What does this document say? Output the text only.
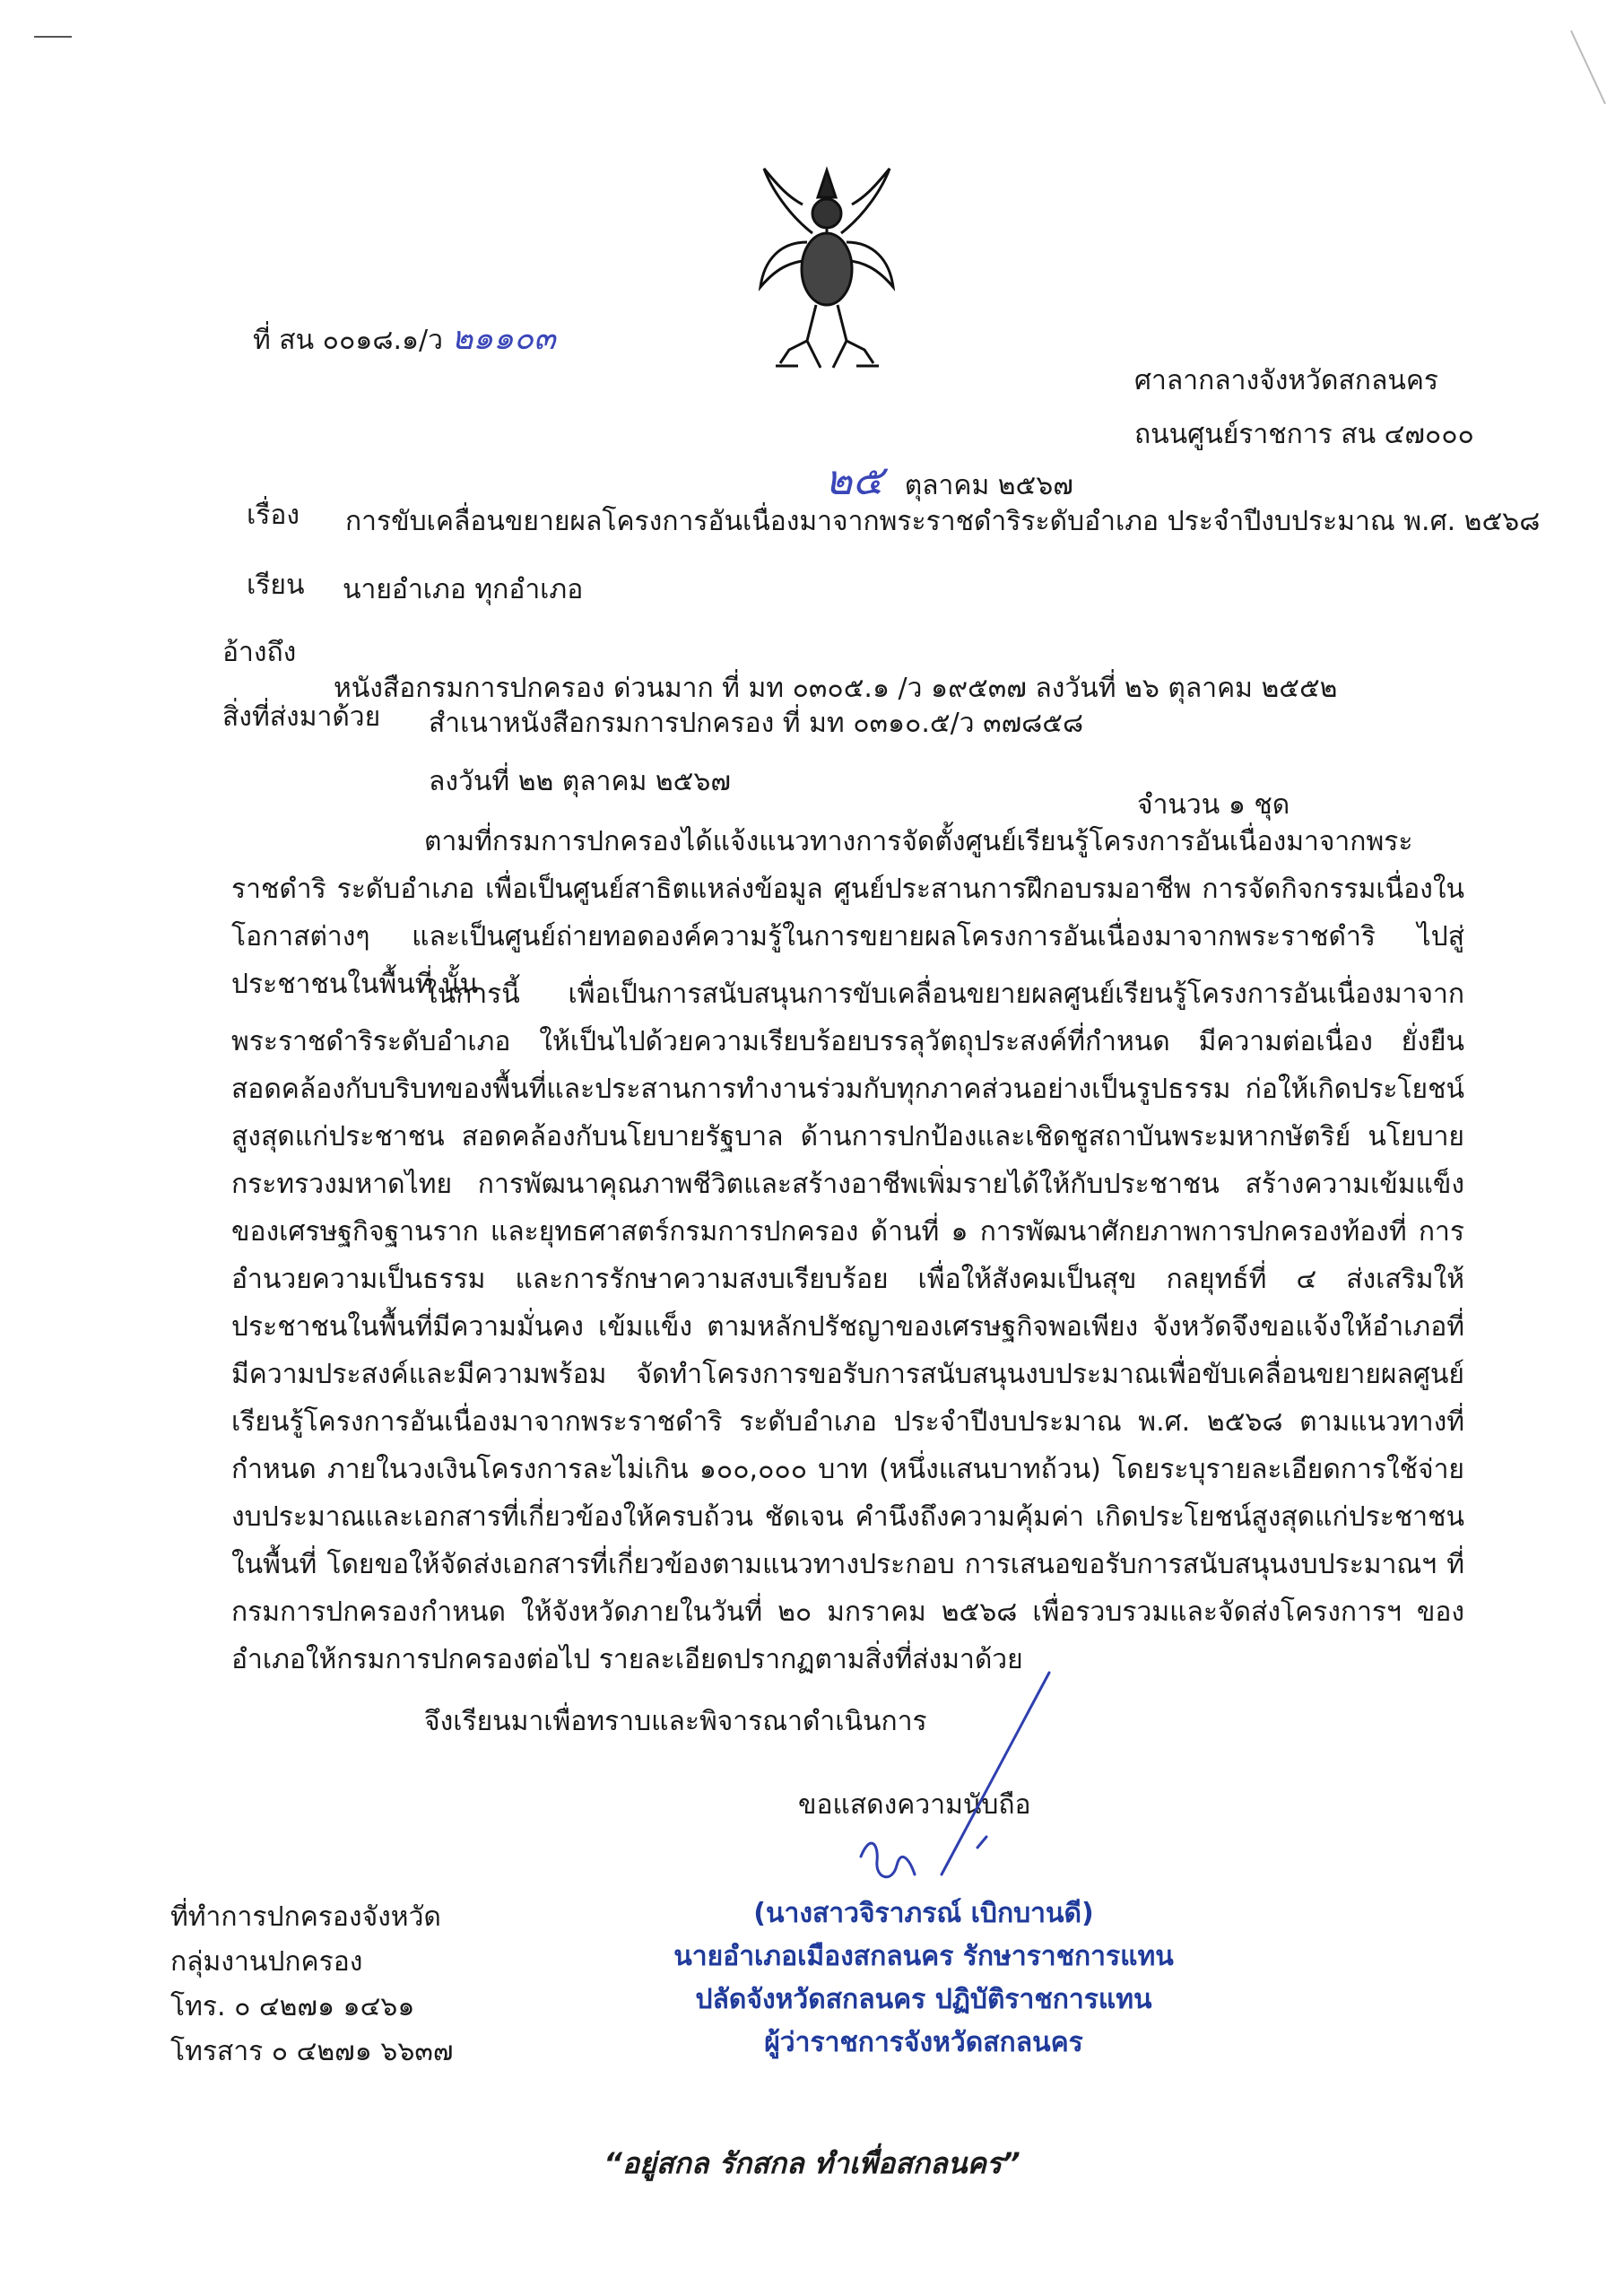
ที่ สน ๐๐๑๘.๑/ว ๒๑๑๐๓
ศาลากลางจังหวัดสกลนคร
ถนนศูนย์ราชการ สน ๔๗๐๐๐
๒๕ ตุลาคม ๒๕๖๗
เรื่อง การขับเคลื่อนขยายผลโครงการอันเนื่องมาจากพระราชดำริระดับอำเภอ ประจำปีงบประมาณ พ.ศ. ๒๕๖๘
เรียน นายอำเภอ ทุกอำเภอ
อ้างถึง
หนังสือกรมการปกครอง ด่วนมาก ที่ มท ๐๓๐๕.๑ /ว ๑๙๕๓๗ ลงวันที่ ๒๖ ตุลาคม ๒๕๕๒
สิ่งที่ส่งมาด้วย สำเนาหนังสือกรมการปกครอง ที่ มท ๐๓๑๐.๕/ว ๓๗๘๕๘
ลงวันที่ ๒๒ ตุลาคม ๒๕๖๗
จำนวน ๑ ชุด
ตามที่กรมการปกครองได้แจ้งแนวทางการจัดตั้งศูนย์เรียนรู้โครงการอันเนื่องมาจากพระราชดำริ ระดับอำเภอ เพื่อเป็นศูนย์สาธิตแหล่งข้อมูล ศูนย์ประสานการฝึกอบรมอาชีพ การจัดกิจกรรมเนื่องในโอกาสต่างๆ และเป็นศูนย์ถ่ายทอดองค์ความรู้ในการขยายผลโครงการอันเนื่องมาจากพระราชดำริ ไปสู่ประชาชนในพื้นที่ นั้น
ในการนี้ เพื่อเป็นการสนับสนุนการขับเคลื่อนขยายผลศูนย์เรียนรู้โครงการอันเนื่องมาจากพระราชดำริระดับอำเภอ ให้เป็นไปด้วยความเรียบร้อยบรรลุวัตถุประสงค์ที่กำหนด มีความต่อเนื่อง ยั่งยืน สอดคล้องกับบริบทของพื้นที่และประสานการทำงานร่วมกับทุกภาคส่วนอย่างเป็นรูปธรรม ก่อให้เกิดประโยชน์สูงสุดแก่ประชาชน สอดคล้องกับนโยบายรัฐบาล ด้านการปกป้องและเชิดชูสถาบันพระมหากษัตริย์ นโยบายกระทรวงมหาดไทย การพัฒนาคุณภาพชีวิตและสร้างอาชีพเพิ่มรายได้ให้กับประชาชน สร้างความเข้มแข็งของเศรษฐกิจฐานราก และยุทธศาสตร์กรมการปกครอง ด้านที่ ๑ การพัฒนาศักยภาพการปกครองท้องที่ การอำนวยความเป็นธรรม และการรักษาความสงบเรียบร้อย เพื่อให้สังคมเป็นสุข กลยุทธ์ที่ ๔ ส่งเสริมให้ประชาชนในพื้นที่มีความมั่นคง เข้มแข็ง ตามหลักปรัชญาของเศรษฐกิจพอเพียง จังหวัดจึงขอแจ้งให้อำเภอที่มีความประสงค์และมีความพร้อม จัดทำโครงการขอรับการสนับสนุนงบประมาณเพื่อขับเคลื่อนขยายผลศูนย์เรียนรู้โครงการอันเนื่องมาจากพระราชดำริ ระดับอำเภอ ประจำปีงบประมาณ พ.ศ. ๒๕๖๘ ตามแนวทางที่กำหนด ภายในวงเงินโครงการละไม่เกิน ๑๐๐,๐๐๐ บาท (หนึ่งแสนบาทถ้วน) โดยระบุรายละเอียดการใช้จ่ายงบประมาณและเอกสารที่เกี่ยวข้องให้ครบถ้วน ชัดเจน คำนึงถึงความคุ้มค่า เกิดประโยชน์สูงสุดแก่ประชาชนในพื้นที่ โดยขอให้จัดส่งเอกสารที่เกี่ยวข้องตามแนวทางประกอบ การเสนอขอรับการสนับสนุนงบประมาณฯ ที่กรมการปกครองกำหนด ให้จังหวัดภายในวันที่ ๒๐ มกราคม ๒๕๖๘ เพื่อรวบรวมและจัดส่งโครงการฯ ของอำเภอให้กรมการปกครองต่อไป รายละเอียดปรากฏตามสิ่งที่ส่งมาด้วย
จึงเรียนมาเพื่อทราบและพิจารณาดำเนินการ
ขอแสดงความนับถือ
(นางสาวจิราภรณ์ เบิกบานดี)
นายอำเภอเมืองสกลนคร รักษาราชการแทน
ปลัดจังหวัดสกลนคร ปฏิบัติราชการแทน
ผู้ว่าราชการจังหวัดสกลนคร
ที่ทำการปกครองจังหวัด
กลุ่มงานปกครอง
โทร. ๐ ๔๒๗๑ ๑๔๖๑
โทรสาร ๐ ๔๒๗๑ ๖๖๓๗
“อยู่สกล รักสกล ทำเพื่อสกลนคร”
